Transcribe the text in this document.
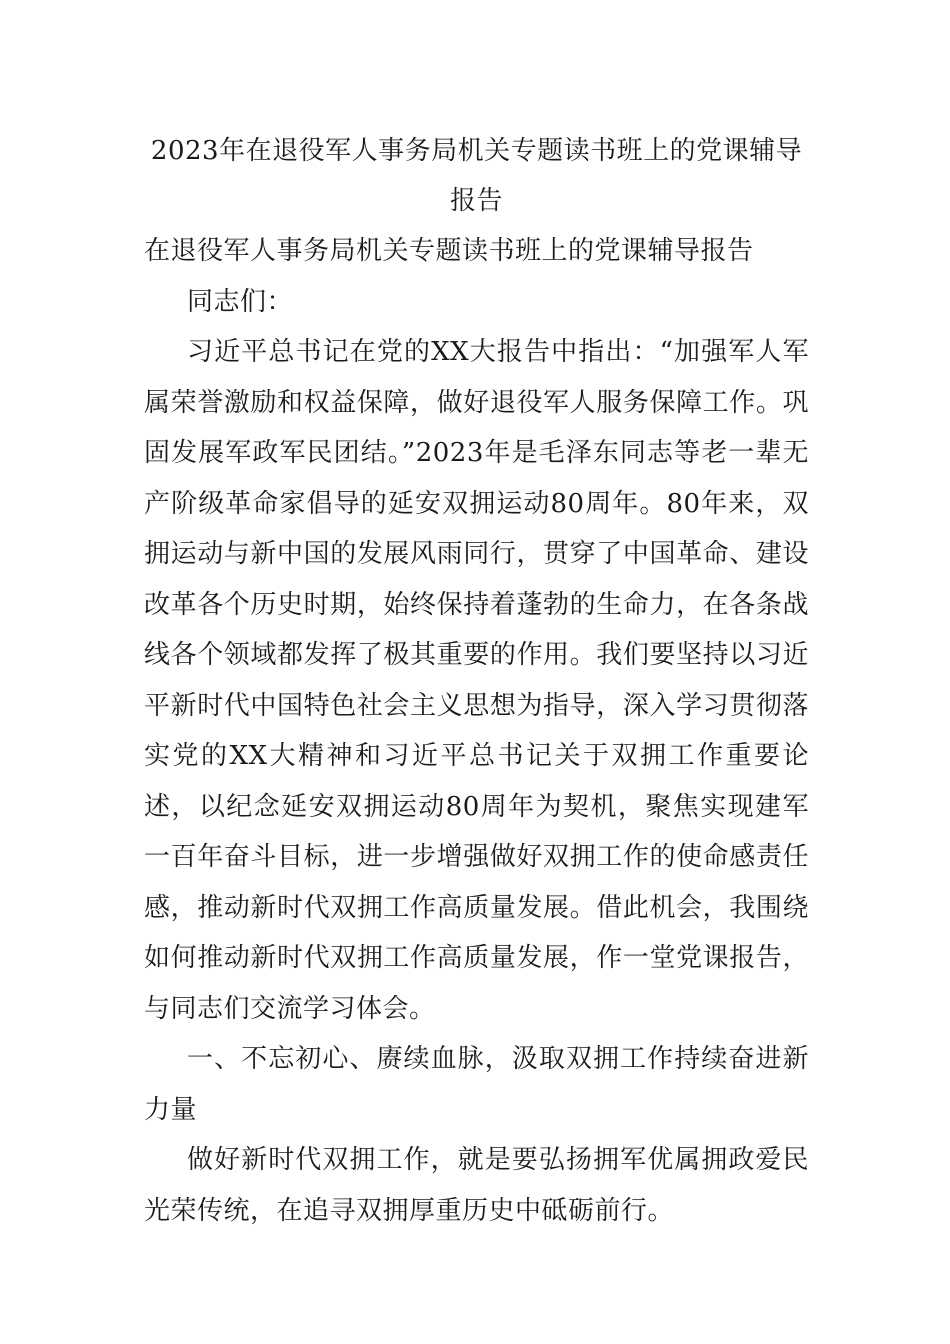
2023年在退役军人事务局机关专题读书班上的党课辅导报告

在退役军人事务局机关专题读书班上的党课辅导报告

同志们：

习近平总书记在党的XX大报告中指出：“加强军人军属荣誉激励和权益保障，做好退役军人服务保障工作。巩固发展军政军民团结。”2023年是毛泽东同志等老一辈无产阶级革命家倡导的延安双拥运动80周年。80年来，双拥运动与新中国的发展风雨同行，贯穿了中国革命、建设改革各个历史时期，始终保持着蓬勃的生命力，在各条战线各个领域都发挥了极其重要的作用。我们要坚持以习近平新时代中国特色社会主义思想为指导，深入学习贯彻落实党的XX大精神和习近平总书记关于双拥工作重要论述，以纪念延安双拥运动80周年为契机，聚焦实现建军一百年奋斗目标，进一步增强做好双拥工作的使命感责任感，推动新时代双拥工作高质量发展。借此机会，我围绕如何推动新时代双拥工作高质量发展，作一堂党课报告，与同志们交流学习体会。

一、不忘初心、赓续血脉，汲取双拥工作持续奋进新力量

做好新时代双拥工作，就是要弘扬拥军优属拥政爱民光荣传统，在追寻双拥厚重历史中砥砺前行。
